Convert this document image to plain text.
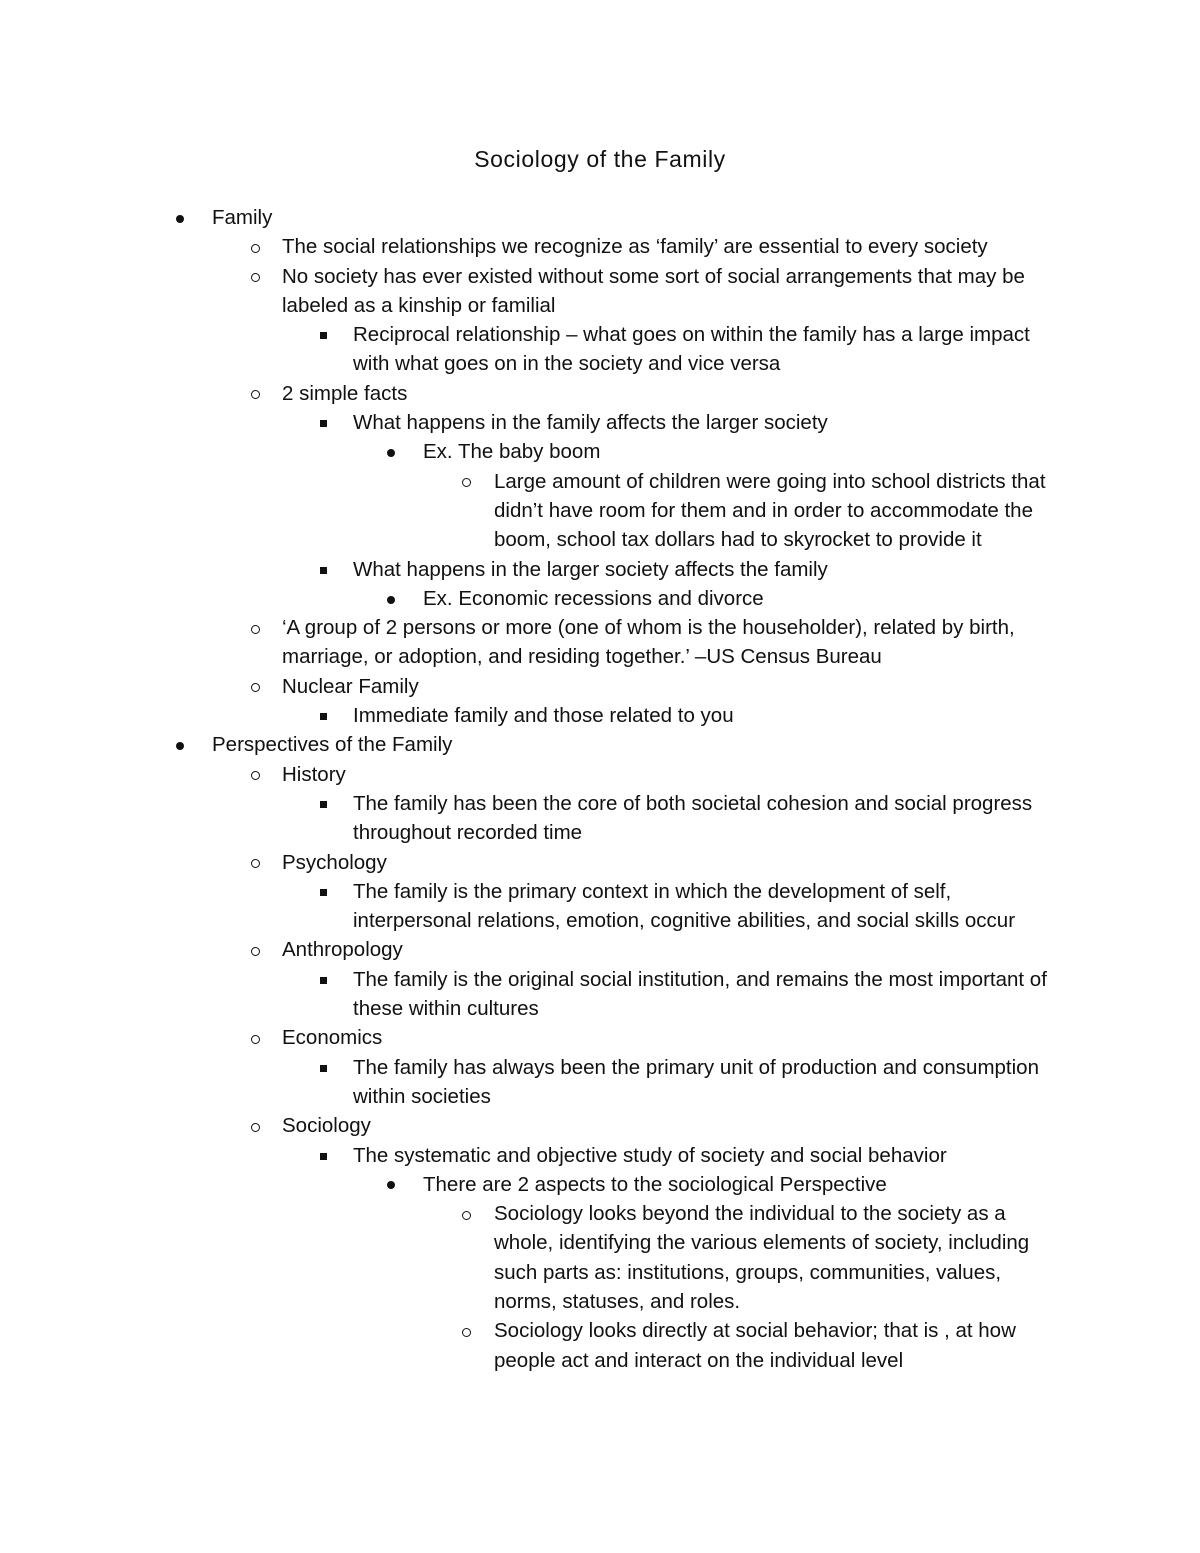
Sociology of the Family
Family
The social relationships we recognize as ‘family’ are essential to every society
No society has ever existed without some sort of social arrangements that may be labeled as a kinship or familial
Reciprocal relationship – what goes on within the family has a large impact with what goes on in the society and vice versa
2 simple facts
What happens in the family affects the larger society
Ex. The baby boom
Large amount of children were going into school districts that didn’t have room for them and in order to accommodate the boom, school tax dollars had to skyrocket to provide it
What happens in the larger society affects the family
Ex. Economic recessions and divorce
‘A group of 2 persons or more (one of whom is the householder), related by birth, marriage, or adoption, and residing together.’ –US Census Bureau
Nuclear Family
Immediate family and those related to you
Perspectives of the Family
History
The family has been the core of both societal cohesion and social progress throughout recorded time
Psychology
The family is the primary context in which the development of self, interpersonal relations, emotion, cognitive abilities, and social skills occur
Anthropology
The family is the original social institution, and remains the most important of these within cultures
Economics
The family has always been the primary unit of production and consumption within societies
Sociology
The systematic and objective study of society and social behavior
There are 2 aspects to the sociological Perspective
Sociology looks beyond the individual to the society as a whole, identifying the various elements of society, including such parts as: institutions, groups, communities, values, norms, statuses, and roles.
Sociology looks directly at social behavior; that is , at how people act and interact on the individual level
